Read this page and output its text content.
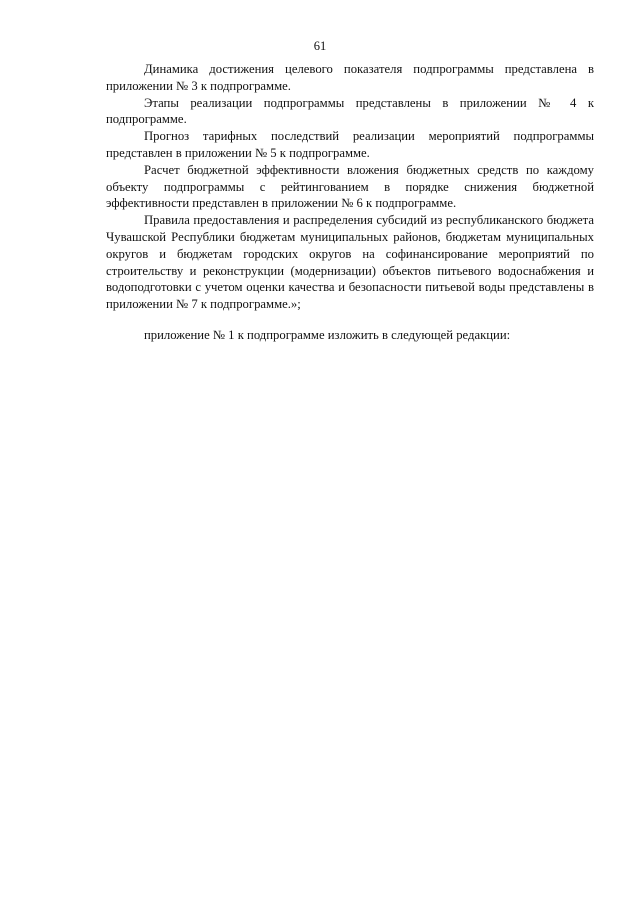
61

Динамика достижения целевого показателя подпрограммы представлена в приложении № 3 к подпрограмме.

Этапы реализации подпрограммы представлены в приложении № 4 к подпрограмме.

Прогноз тарифных последствий реализации мероприятий подпрограммы представлен в приложении № 5 к подпрограмме.

Расчет бюджетной эффективности вложения бюджетных средств по каждому объекту подпрограммы с рейтингованием в порядке снижения бюджетной эффективности представлен в приложении № 6 к подпрограмме.

Правила предоставления и распределения субсидий из республиканского бюджета Чувашской Республики бюджетам муниципальных районов, бюджетам муниципальных округов и бюджетам городских округов на софинансирование мероприятий по строительству и реконструкции (модернизации) объектов питьевого водоснабжения и водоподготовки с учетом оценки качества и безопасности питьевой воды представлены в приложении № 7 к подпрограмме.»;

приложение № 1 к подпрограмме изложить в следующей редакции:
